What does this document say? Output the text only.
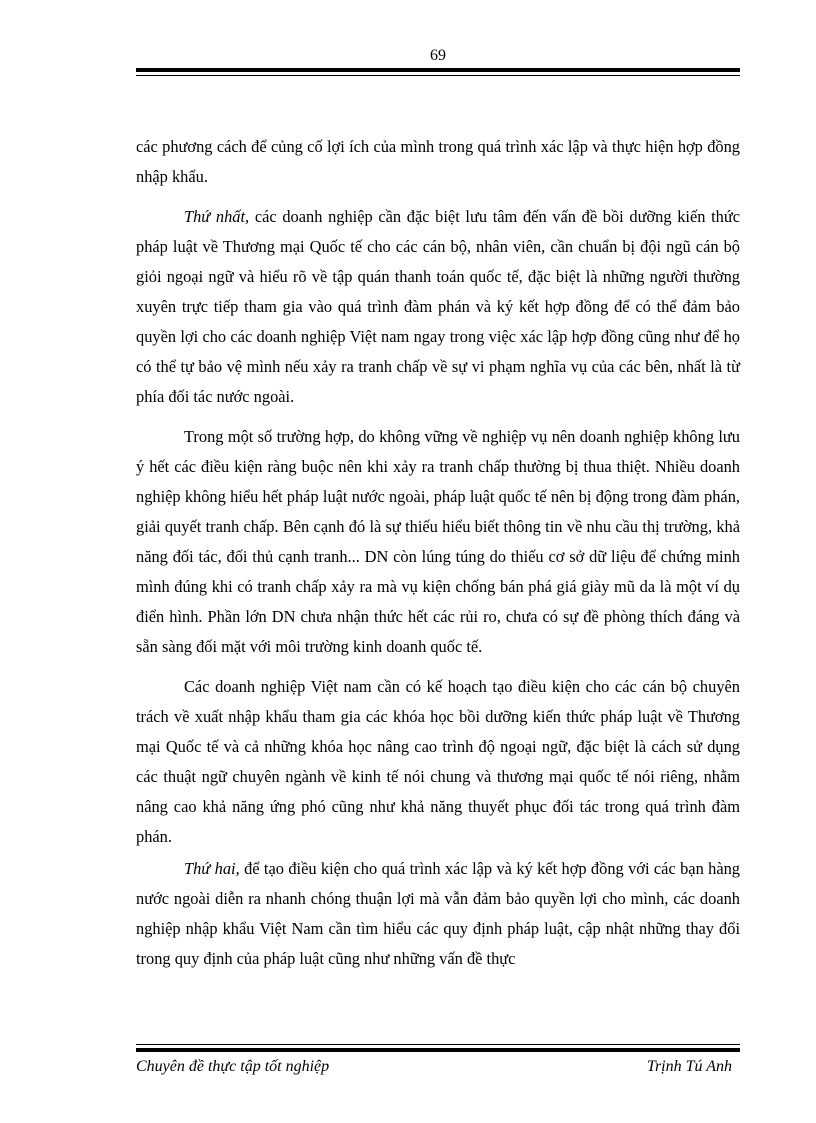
69

các phương cách để củng cố lợi ích của mình trong quá trình xác lập và thực hiện hợp đồng nhập khẩu.

Thứ nhất, các doanh nghiệp cần đặc biệt lưu tâm đến vấn đề bồi dưỡng kiến thức pháp luật về Thương mại Quốc tế cho các cán bộ, nhân viên, cần chuẩn bị đội ngũ cán bộ giỏi ngoại ngữ và hiểu rõ về tập quán thanh toán quốc tế, đặc biệt là những người thường xuyên trực tiếp tham gia vào quá trình đàm phán và ký kết hợp đồng để có thể đảm bảo quyền lợi cho các doanh nghiệp Việt nam ngay trong việc xác lập hợp đồng cũng như để họ có thể tự bảo vệ mình nếu xảy ra tranh chấp về sự vi phạm nghĩa vụ của các bên, nhất là từ phía đối tác nước ngoài.

Trong một số trường hợp, do không vững về nghiệp vụ nên doanh nghiệp không lưu ý hết các điều kiện ràng buộc nên khi xảy ra tranh chấp thường bị thua thiệt. Nhiều doanh nghiệp không hiểu hết pháp luật nước ngoài, pháp luật quốc tế nên bị động trong đàm phán, giải quyết tranh chấp. Bên cạnh đó là sự thiếu hiểu biết thông tin về nhu cầu thị trường, khả năng đối tác, đối thủ cạnh tranh... DN còn lúng túng do thiếu cơ sở dữ liệu để chứng minh mình đúng khi có tranh chấp xảy ra mà vụ kiện chống bán phá giá giày mũ da là một ví dụ điển hình. Phần lớn DN chưa nhận thức hết các rủi ro, chưa có sự đề phòng thích đáng và sẵn sàng đối mặt với môi trường kinh doanh quốc tế.

Các doanh nghiệp Việt nam cần có kế hoạch tạo điều kiện cho các cán bộ chuyên trách về xuất nhập khẩu tham gia các khóa học bồi dưỡng kiến thức pháp luật về Thương mại Quốc tế và cả những khóa học nâng cao trình độ ngoại ngữ, đặc biệt là cách sử dụng các thuật ngữ chuyên ngành về kinh tế nói chung và thương mại quốc tế nói riêng, nhằm nâng cao khả năng ứng phó cũng như khả năng thuyết phục đối tác trong quá trình đàm phán.

Thứ hai, để tạo điều kiện cho quá trình xác lập và ký kết hợp đồng với các bạn hàng nước ngoài diễn ra nhanh chóng thuận lợi mà vẫn đảm bảo quyền lợi cho mình, các doanh nghiệp nhập khẩu Việt Nam cần tìm hiểu các quy định pháp luật, cập nhật những thay đổi trong quy định của pháp luật cũng như những vấn đề thực

Chuyên đề thực tập tốt nghiệp	Trịnh Tú Anh
